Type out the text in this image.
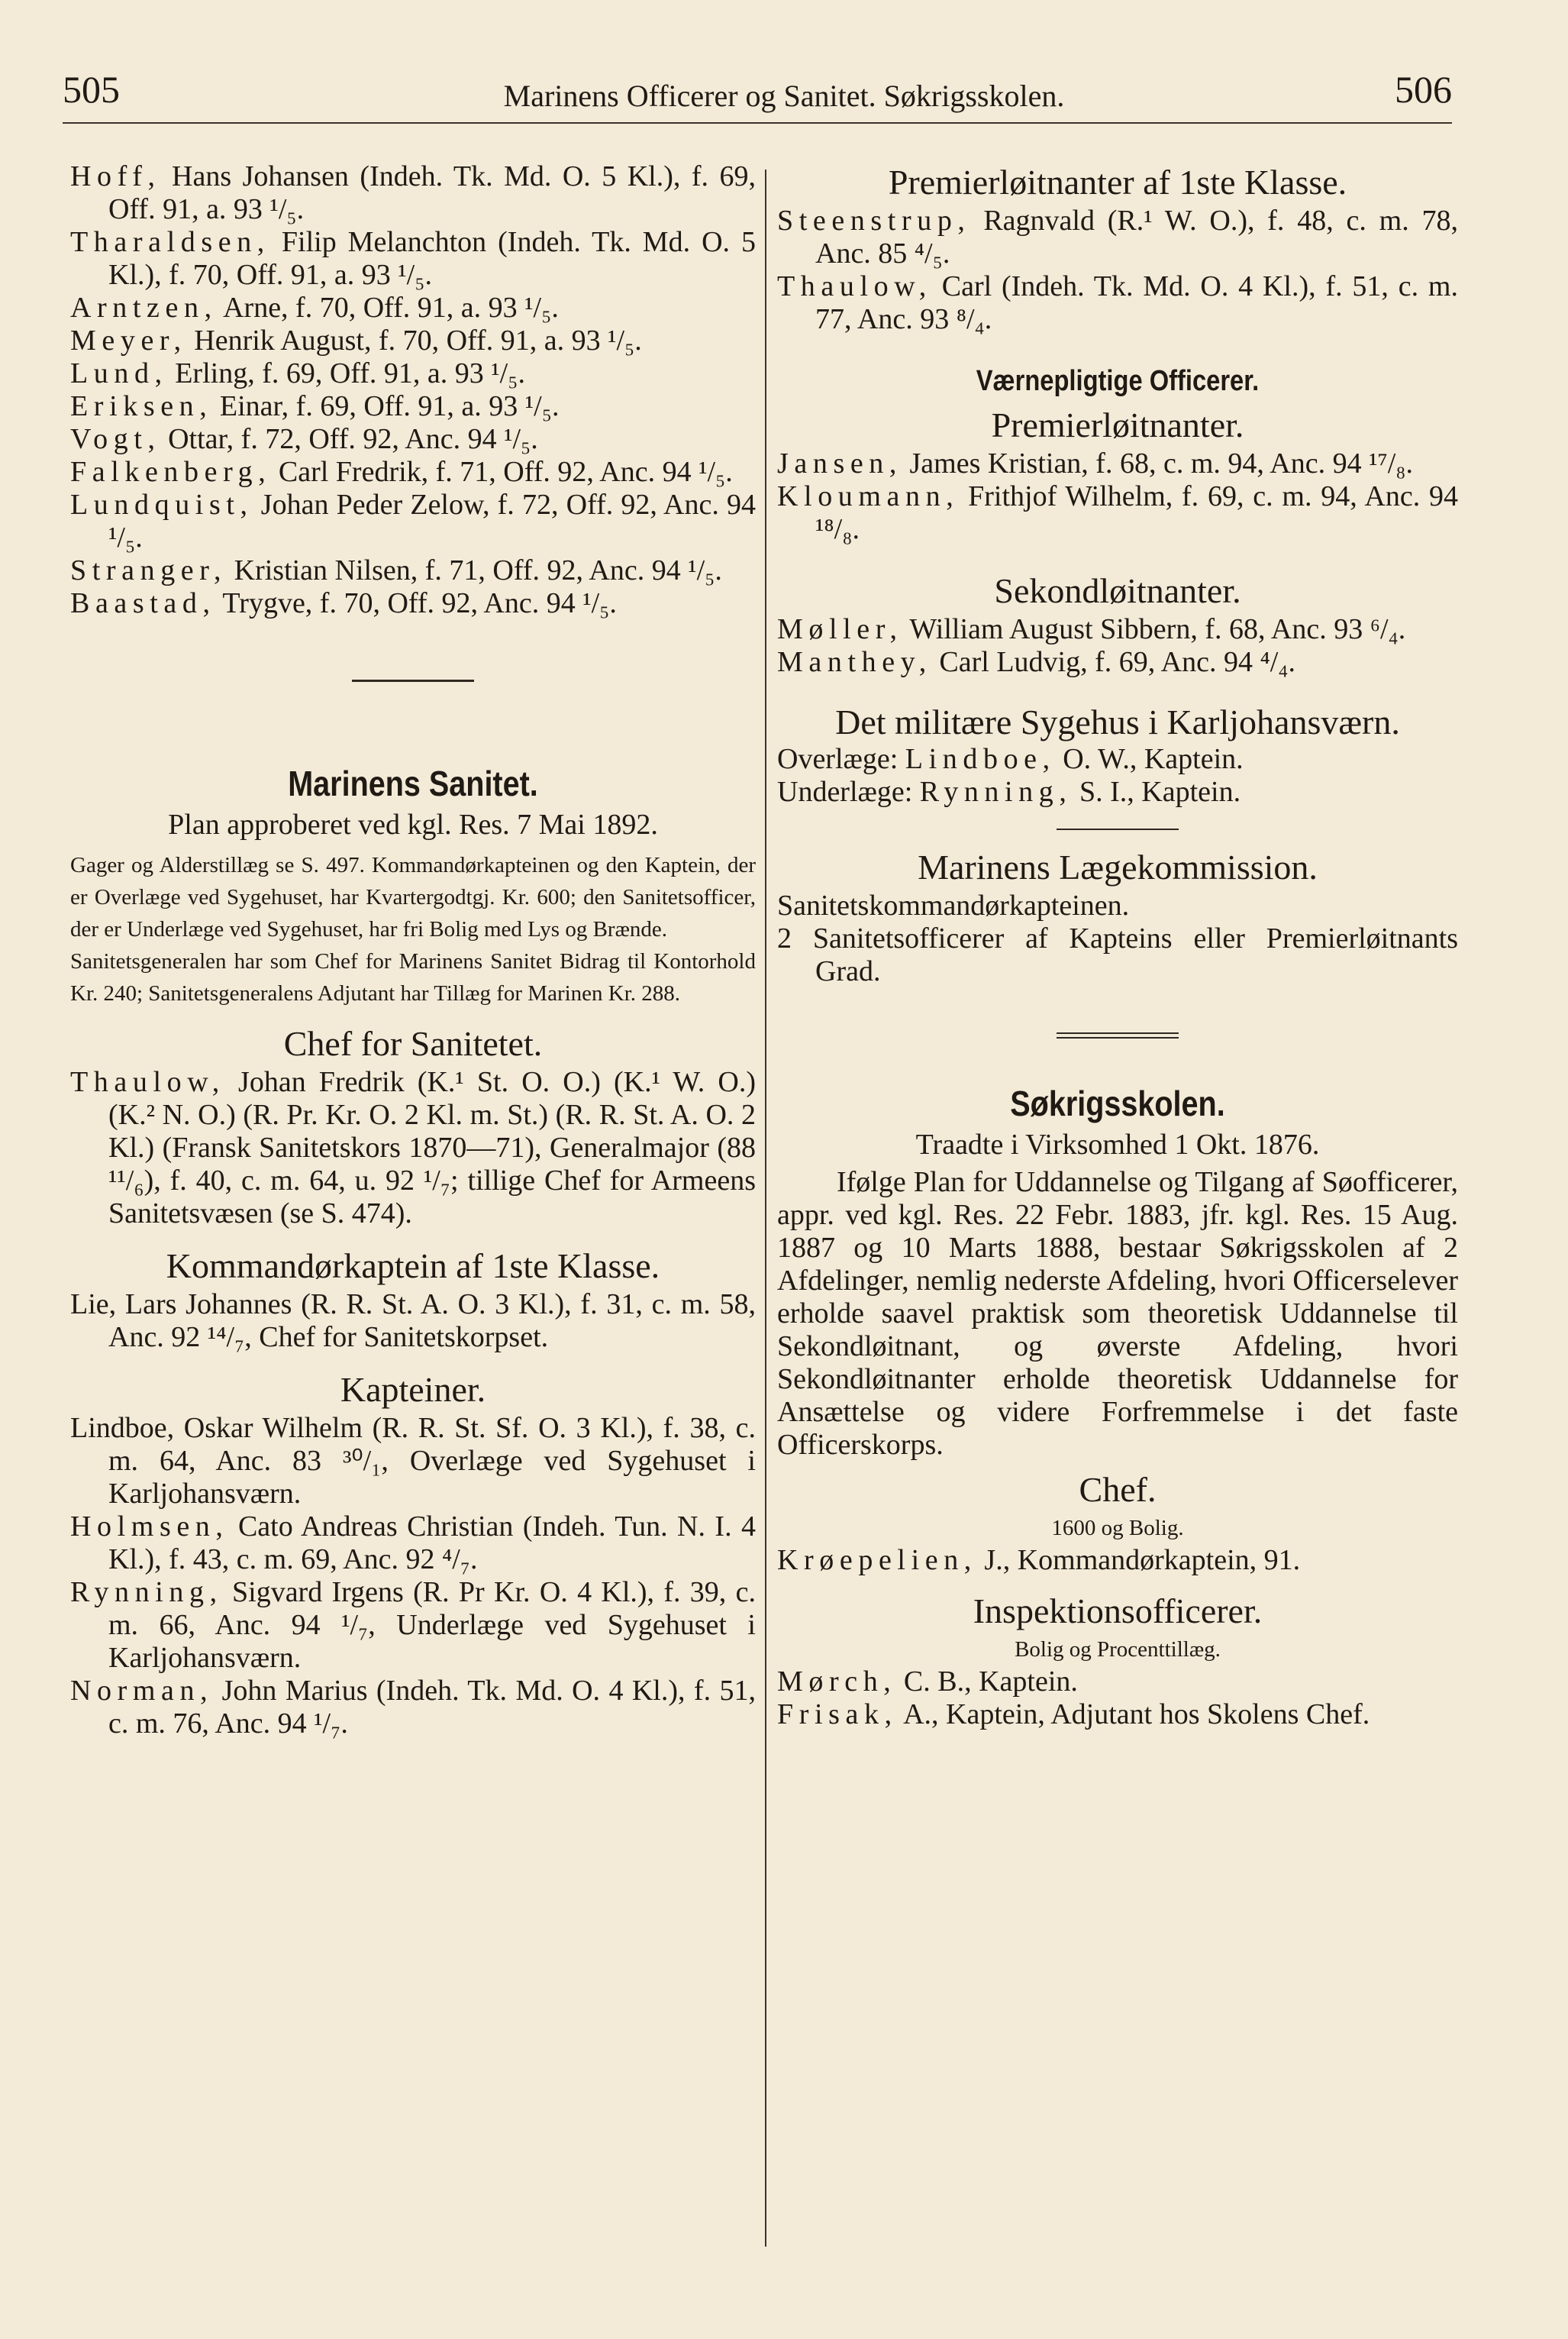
505	Marinens Officerer og Sanitet. Søkrigsskolen.	506
Hoff, Hans Johansen (Indeh. Tk. Md. O. 5 Kl.), f. 69, Off. 91, a. 93 ¹/₅.
Tharaldsen, Filip Melanchton (Indeh. Tk. Md. O. 5 Kl.), f. 70, Off. 91, a. 93 ¹/₅.
Arntzen, Arne, f. 70, Off. 91, a. 93 ¹/₅.
Meyer, Henrik August, f. 70, Off. 91, a. 93 ¹/₅.
Lund, Erling, f. 69, Off. 91, a. 93 ¹/₅.
Eriksen, Einar, f. 69, Off. 91, a. 93 ¹/₅.
Vogt, Ottar, f. 72, Off. 92, Anc. 94 ¹/₅.
Falkenberg, Carl Fredrik, f. 71, Off. 92, Anc. 94 ¹/₅.
Lundquist, Johan Peder Zelow, f. 72, Off. 92, Anc. 94 ¹/₅.
Stranger, Kristian Nilsen, f. 71, Off. 92, Anc. 94 ¹/₅.
Baastad, Trygve, f. 70, Off. 92, Anc. 94 ¹/₅.
Marinens Sanitet.
Plan approberet ved kgl. Res. 7 Mai 1892.
Gager og Alderstillæg se S. 497. Kommandørkapteinen og den Kaptein, der er Overlæge ved Sygehuset, har Kvartergodtgj. Kr. 600; den Sanitetsofficer, der er Underlæge ved Sygehuset, har fri Bolig med Lys og Brænde.
Sanitetsgeneralen har som Chef for Marinens Sanitet Bidrag til Kontorhold Kr. 240; Sanitetsgeneralens Adjutant har Tillæg for Marinen Kr. 288.
Chef for Sanitetet.
Thaulow, Johan Fredrik (K.¹ St. O. O.) (K.¹ W. O.) (K.² N. O.) (R. Pr. Kr. O. 2 Kl. m. St.) (R. R. St. A. O. 2 Kl.) (Fransk Sanitetskors 1870—71), Generalmajor (88 ¹¹/₆), f. 40, c. m. 64, u. 92 ¹/₇; tillige Chef for Armeens Sanitetsvæsen (se S. 474).
Kommandørkaptein af 1ste Klasse.
Lie, Lars Johannes (R. R. St. A. O. 3 Kl.), f. 31, c. m. 58, Anc. 92 ¹⁴/₇, Chef for Sanitetskorpset.
Kapteiner.
Lindboe, Oskar Wilhelm (R. R. St. Sf. O. 3 Kl.), f. 38, c. m. 64, Anc. 83 ³⁰/₁, Overlæge ved Sygehuset i Karljohansværn.
Holmsen, Cato Andreas Christian (Indeh. Tun. N. I. 4 Kl.), f. 43, c. m. 69, Anc. 92 ⁴/₇.
Rynning, Sigvard Irgens (R. Pr Kr. O. 4 Kl.), f. 39, c. m. 66, Anc. 94 ¹/₇, Underlæge ved Sygehuset i Karljohansværn.
Norman, John Marius (Indeh. Tk. Md. O. 4 Kl.), f. 51, c. m. 76, Anc. 94 ¹/₇.
Premierløitnanter af 1ste Klasse.
Steenstrup, Ragnvald (R.¹ W. O.), f. 48, c. m. 78, Anc. 85 ⁴/₅.
Thaulow, Carl (Indeh. Tk. Md. O. 4 Kl.), f. 51, c. m. 77, Anc. 93 ⁸/₄.
Værnepligtige Officerer.
Premierløitnanter.
Jansen, James Kristian, f. 68, c. m. 94, Anc. 94 ¹⁷/₈.
Kloumann, Frithjof Wilhelm, f. 69, c. m. 94, Anc. 94 ¹⁸/₈.
Sekondløitnanter.
Møller, William August Sibbern, f. 68, Anc. 93 ⁶/₄.
Manthey, Carl Ludvig, f. 69, Anc. 94 ⁴/₄.
Det militære Sygehus i Karljohansværn.
Overlæge: Lindboe, O. W., Kaptein.
Underlæge: Rynning, S. I., Kaptein.
Marinens Lægekommission.
Sanitetskommandørkapteinen.
2 Sanitetsofficerer af Kapteins eller Premierløitnants Grad.
Søkrigsskolen.
Traadte i Virksomhed 1 Okt. 1876.
Ifølge Plan for Uddannelse og Tilgang af Søofficerer, appr. ved kgl. Res. 22 Febr. 1883, jfr. kgl. Res. 15 Aug. 1887 og 10 Marts 1888, bestaar Søkrigsskolen af 2 Afdelinger, nemlig nederste Afdeling, hvori Officerselever erholde saavel praktisk som theoretisk Uddannelse til Sekondløitnant, og øverste Afdeling, hvori Sekondløitnanter erholde theoretisk Uddannelse for Ansættelse og videre Forfremmelse i det faste Officerskorps.
Chef.
1600 og Bolig.
Krøepelien, J., Kommandørkaptein, 91.
Inspektionsofficerer.
Bolig og Procenttillæg.
Mørch, C. B., Kaptein.
Frisak, A., Kaptein, Adjutant hos Skolens Chef.
